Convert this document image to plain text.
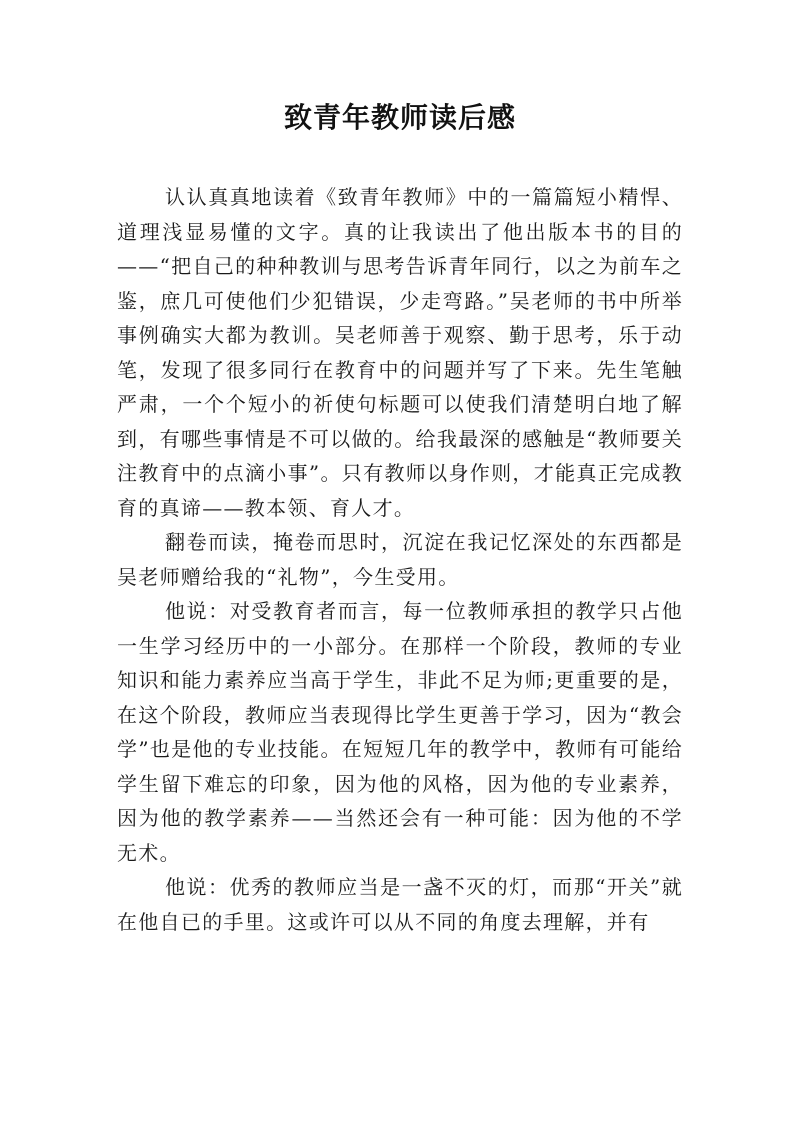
致青年教师读后感

认认真真地读着《致青年教师》中的一篇篇短小精悍、道理浅显易懂的文字。真的让我读出了他出版本书的目的——“把自己的种种教训与思考告诉青年同行，以之为前车之鉴，庶几可使他们少犯错误，少走弯路。”吴老师的书中所举事例确实大都为教训。吴老师善于观察、勤于思考，乐于动笔，发现了很多同行在教育中的问题并写了下来。先生笔触严肃，一个个短小的祈使句标题可以使我们清楚明白地了解到，有哪些事情是不可以做的。给我最深的感触是“教师要关注教育中的点滴小事”。只有教师以身作则，才能真正完成教育的真谛——教本领、育人才。

翻卷而读，掩卷而思时，沉淀在我记忆深处的东西都是吴老师赠给我的“礼物”，今生受用。

他说：对受教育者而言，每一位教师承担的教学只占他一生学习经历中的一小部分。在那样一个阶段，教师的专业知识和能力素养应当高于学生，非此不足为师;更重要的是，在这个阶段，教师应当表现得比学生更善于学习，因为“教会学”也是他的专业技能。在短短几年的教学中，教师有可能给学生留下难忘的印象，因为他的风格，因为他的专业素养，因为他的教学素养——当然还会有一种可能：因为他的不学无术。

他说：优秀的教师应当是一盏不灭的灯，而那“开关”就在他自已的手里。这或许可以从不同的角度去理解，并有
